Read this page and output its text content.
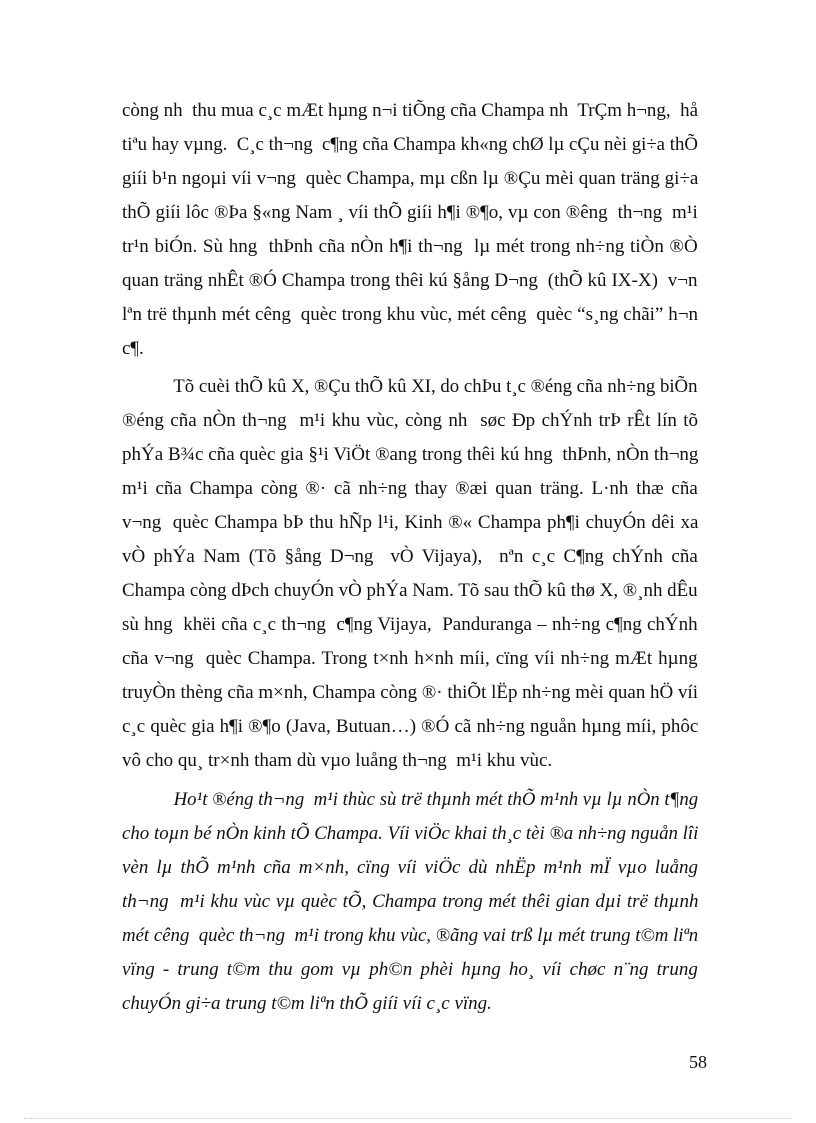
còng nh  thu mua c¸c mÆt hµng n¬i tiÕng cña Champa nh  TrÇm h¬ng,  hå
tiªu hay vµng.  C¸c th¬ng  c¶ng cña Champa kh«ng chØ lµ cÇu nèi gi÷a thÕ
giíi b¹n ngoµi víi v¬ng  quèc Champa, mµ cßn lµ ®Çu mèi quan träng gi÷a
thÕ giíi lôc ®Þa §«ng Nam ¸ víi thÕ giíi h¶i ®¶o, vµ con ®êng  th¬ng  m¹i
tr¹n biÓn. Sù hng  thÞnh cña nÒn h¶i th¬ng  lµ mét trong nh÷ng tiÒn ®Ò
quan träng nhÊt ®Ó Champa trong thêi kú §ång D¬ng  (thÕ kû IX-X)  v¬n
lªn trë thµnh mét cêng  quèc trong khu vùc, mét cêng  quèc “s¸ng chãi” h¬n
c¶.
Tõ cuèi thÕ kû X, ®Çu thÕ kû XI, do chÞu t¸c ®éng cña nh÷ng biÕn
®éng cña nÒn th¬ng  m¹i khu vùc, còng nh  søc Ðp chÝnh trÞ rÊt lín tõ
phÝa B¾c cña quèc gia §¹i ViÖt ®ang trong thêi kú hng  thÞnh, nÒn th¬ng
m¹i cña Champa còng ®· cã nh÷ng thay ®æi quan träng. L·nh thæ cña
v¬ng  quèc Champa bÞ thu hÑp l¹i, Kinh ®« Champa ph¶i chuyÓn dêi xa
vÒ phÝa Nam (Tõ §ång D¬ng  vÒ Vijaya),  nªn c¸c C¶ng chÝnh cña
Champa còng dÞch chuyÓn vÒ phÝa Nam. Tõ sau thÕ kû thø X, ®¸nh dÊu
sù hng  khëi cña c¸c th¬ng  c¶ng Vijaya,  Panduranga – nh÷ng c¶ng chÝnh
cña v¬ng  quèc Champa. Trong t×nh h×nh míi, cïng víi nh÷ng mÆt hµng
truyÒn thèng cña m×nh, Champa còng ®· thiÕt lËp nh÷ng mèi quan hÖ víi
c¸c quèc gia h¶i ®¶o (Java, Butuan…) ®Ó cã nh÷ng nguån hµng míi, phôc
vô cho qu¸ tr×nh tham dù vµo luång th¬ng  m¹i khu vùc.
Ho¹t ®éng th¬ng  m¹i thùc sù trë thµnh mét thÕ m¹nh vµ lµ nÒn t¶ng
cho toµn bé nÒn kinh tÕ Champa. Víi viÖc khai th¸c tèi ®a nh÷ng nguån lîi
vèn lµ thÕ m¹nh cña m×nh, cïng víi viÖc dù nhËp m¹nh mÏ vµo luång
th¬ng  m¹i khu vùc vµ quèc tÕ, Champa trong mét thêi gian dµi trë thµnh
mét cêng  quèc th¬ng  m¹i trong khu vùc, ®ãng vai trß lµ mét trung t©m liªn
vïng - trung t©m thu gom vµ ph©n phèi hµng ho¸ víi chøc n¨ng trung
chuyÓn gi÷a trung t©m liªn thÕ giíi víi c¸c vïng.
58
